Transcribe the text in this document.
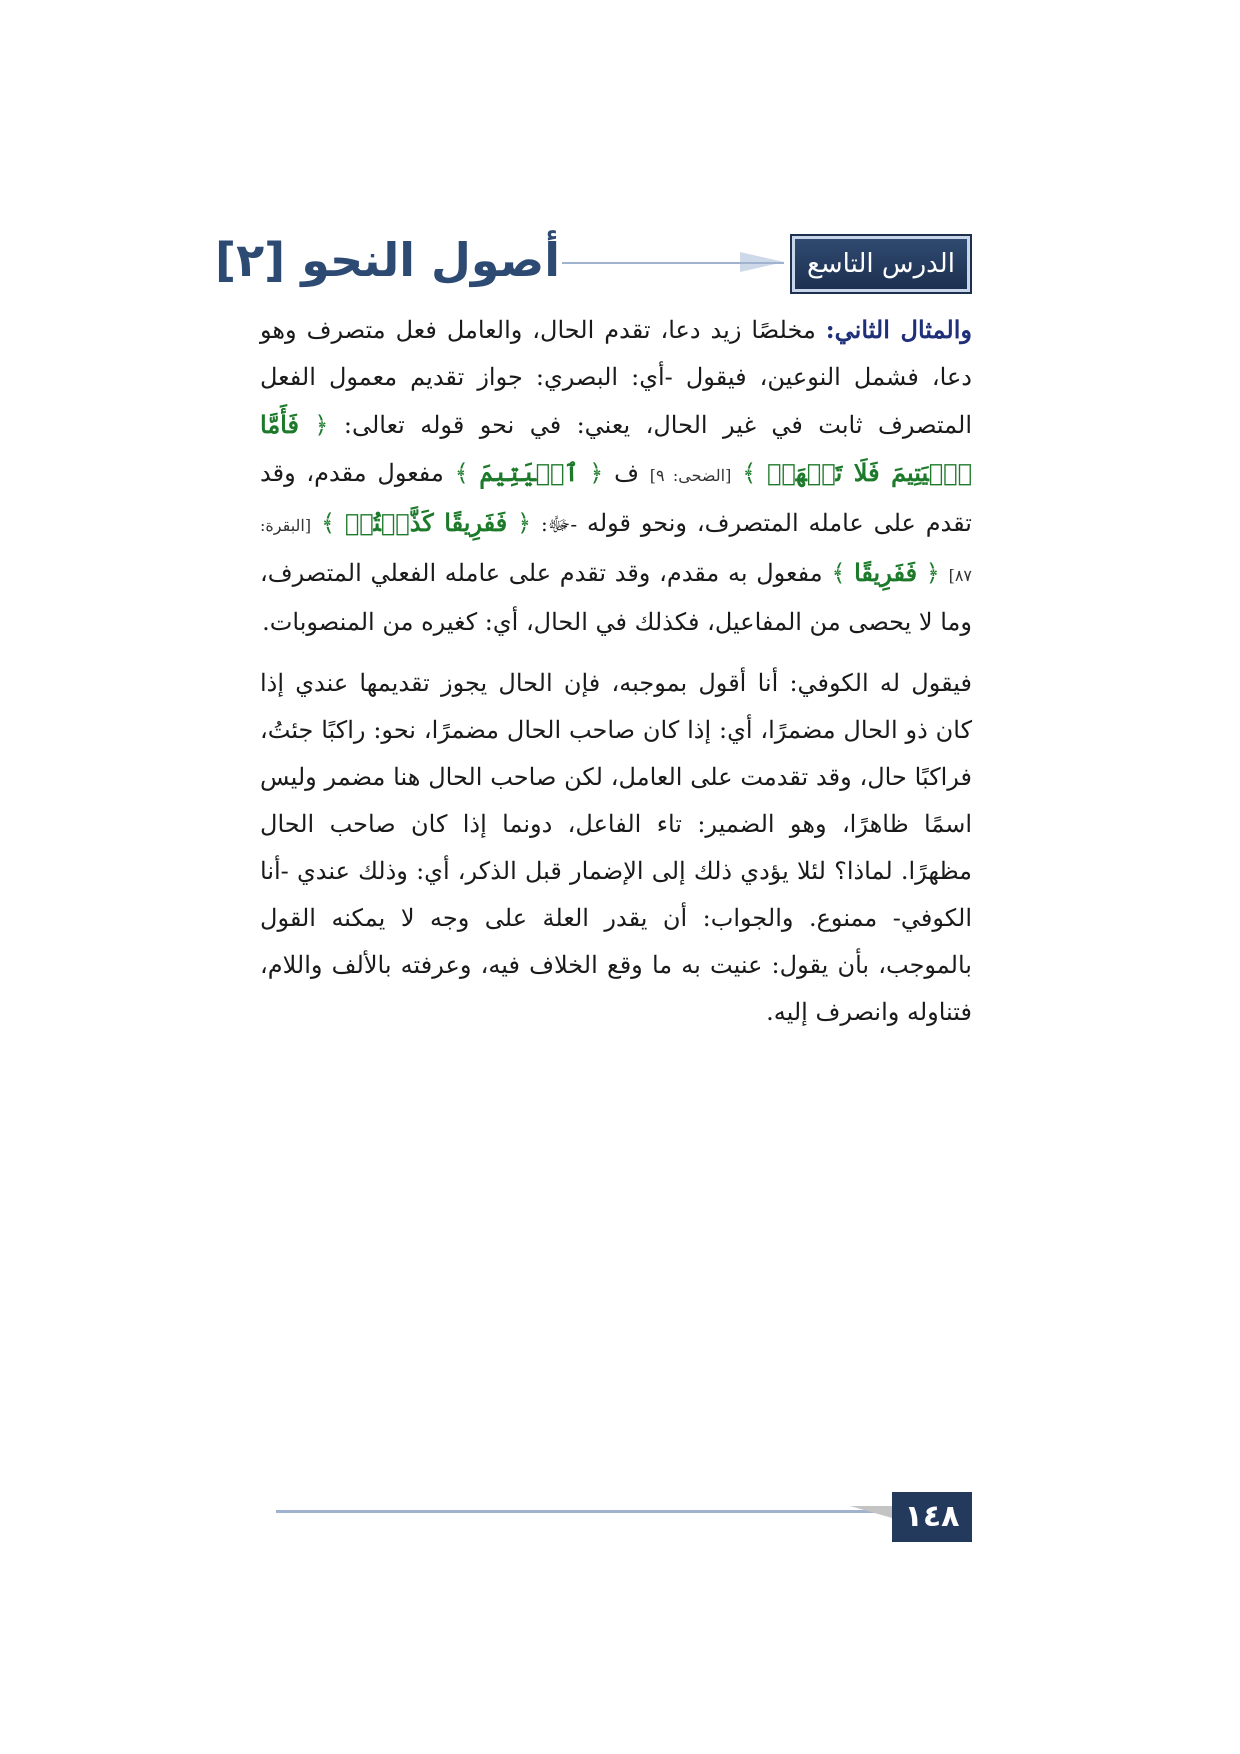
الدرس التاسع
أصول النحو [٢]

والمثال الثاني: مخلصًا زيد دعا، تقدم الحال، والعامل فعل متصرف وهو دعا، فشمل النوعين، فيقول -أي: البصري: جواز تقديم معمول الفعل المتصرف ثابت في غير الحال، يعني: في نحو قوله تعالى: ﴿ فَأَمَّا ٱلۡيَتِيمَ فَلَا تَقۡهَرۡ ﴾ [الضحى: ٩] ف ﴿ ٱلۡيَتِيمَ ﴾ مفعول مقدم، وقد تقدم على عامله المتصرف، ونحو قوله -ﷻ: ﴿ فَفَرِيقًا كَذَّبۡتُمۡ ﴾ [البقرة: ٨٧] ﴿ فَفَرِيقًا ﴾ مفعول به مقدم، وقد تقدم على عامله الفعلي المتصرف، وما لا يحصى من المفاعيل، فكذلك في الحال، أي: كغيره من المنصوبات.

فيقول له الكوفي: أنا أقول بموجبه، فإن الحال يجوز تقديمها عندي إذا كان ذو الحال مضمرًا، أي: إذا كان صاحب الحال مضمرًا، نحو: راكبًا جئتُ، فراكبًا حال، وقد تقدمت على العامل، لكن صاحب الحال هنا مضمر وليس اسمًا ظاهرًا، وهو الضمير: تاء الفاعل، دونما إذا كان صاحب الحال مظهرًا. لماذا؟ لئلا يؤدي ذلك إلى الإضمار قبل الذكر، أي: وذلك عندي -أنا الكوفي- ممنوع. والجواب: أن يقدر العلة على وجه لا يمكنه القول بالموجب، بأن يقول: عنيت به ما وقع الخلاف فيه، وعرفته بالألف واللام، فتناوله وانصرف إليه.

١٤٨
